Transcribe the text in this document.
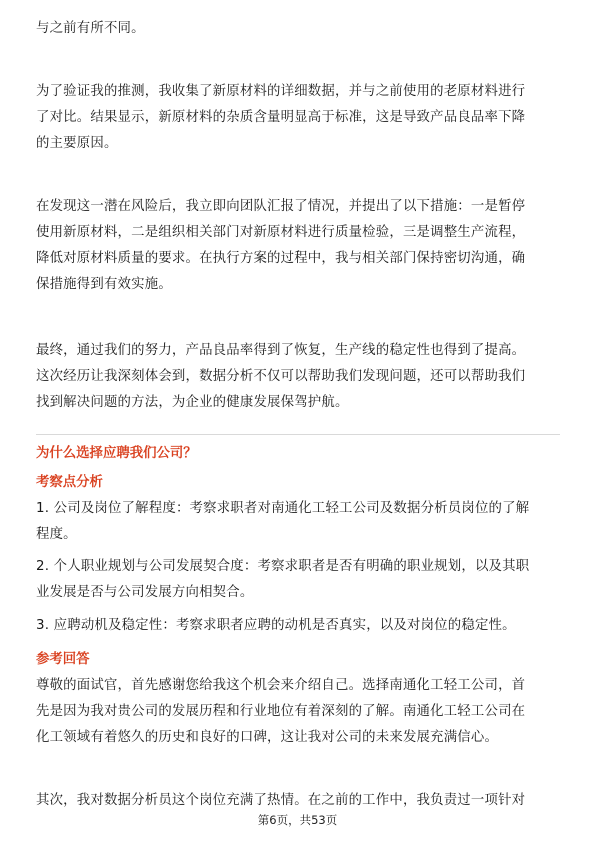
与之前有所不同。
为了验证我的推测，我收集了新原材料的详细数据，并与之前使用的老原材料进行
了对比。结果显示，新原材料的杂质含量明显高于标准，这是导致产品良品率下降
的主要原因。
在发现这一潜在风险后，我立即向团队汇报了情况，并提出了以下措施：一是暂停
使用新原材料，二是组织相关部门对新原材料进行质量检验，三是调整生产流程，
降低对原材料质量的要求。在执行方案的过程中，我与相关部门保持密切沟通，确
保措施得到有效实施。
最终，通过我们的努力，产品良品率得到了恢复，生产线的稳定性也得到了提高。
这次经历让我深刻体会到，数据分析不仅可以帮助我们发现问题，还可以帮助我们
找到解决问题的方法，为企业的健康发展保驾护航。
为什么选择应聘我们公司？
考察点分析
1. 公司及岗位了解程度：考察求职者对南通化工轻工公司及数据分析员岗位的了解
程度。
2. 个人职业规划与公司发展契合度：考察求职者是否有明确的职业规划，以及其职
业发展是否与公司发展方向相契合。
3. 应聘动机及稳定性：考察求职者应聘的动机是否真实，以及对岗位的稳定性。
参考回答
尊敬的面试官，首先感谢您给我这个机会来介绍自己。选择南通化工轻工公司，首
先是因为我对贵公司的发展历程和行业地位有着深刻的了解。南通化工轻工公司在
化工领域有着悠久的历史和良好的口碑，这让我对公司的未来发展充满信心。
其次，我对数据分析员这个岗位充满了热情。在之前的工作中，我负责过一项针对
第6页，共53页
